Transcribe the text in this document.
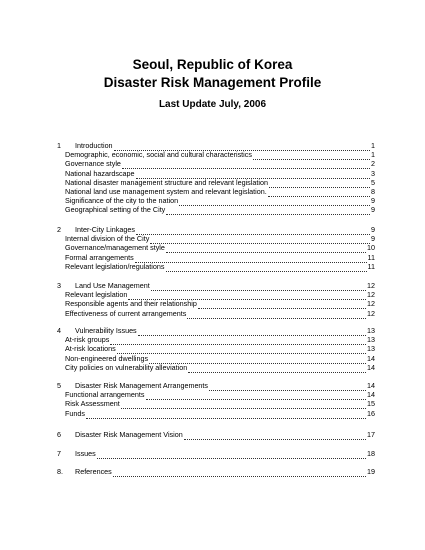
Seoul, Republic of Korea
Disaster Risk Management Profile
Last Update July, 2006
1	Introduction	1
Demographic, economic, social and cultural characteristics	1
Governance style	2
National hazardscape	3
National disaster management structure and relevant legislation	5
National land use management system and relevant legislation.	8
Significance of the city to the nation	9
Geographical setting of the City	9
2	Inter-City Linkages	9
Internal division of the City	9
Governance/management style	10
Formal arrangements	11
Relevant legislation/regulations	11
3	Land Use Management	12
Relevant legislation	12
Responsible agents and their relationship	12
Effectiveness of current arrangements	12
4	Vulnerability Issues	13
At-risk groups	13
At-risk locations	13
Non-engineered dwellings	14
City policies on vulnerability alleviation	14
5	Disaster Risk Management Arrangements	14
Functional arrangements	14
Risk Assessment	15
Funds	16
6	Disaster Risk Management Vision	17
7	Issues	18
8.	References	19
